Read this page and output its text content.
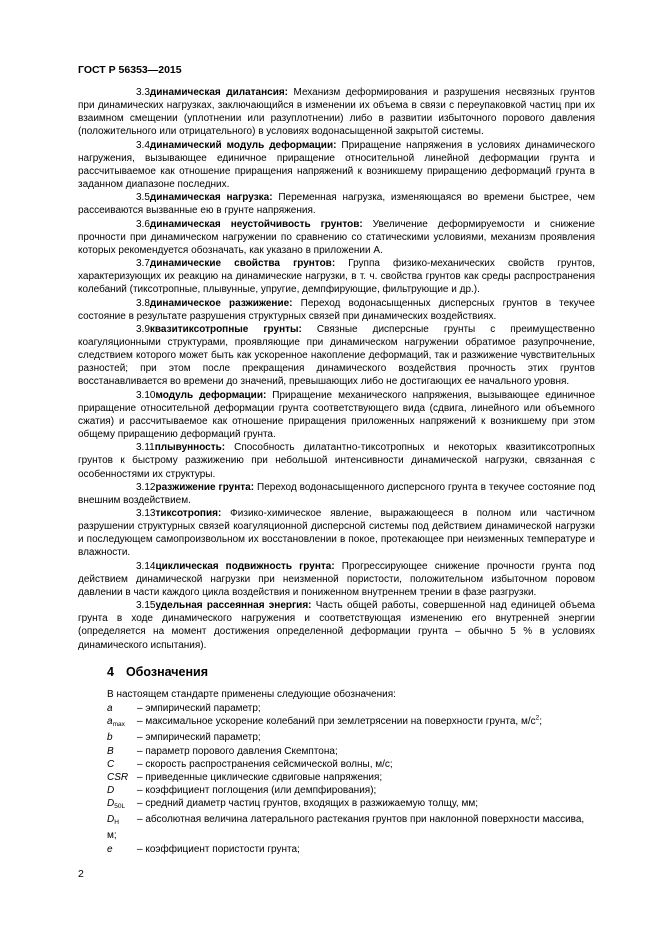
ГОСТ Р 56353—2015
3.3динамическая дилатансия: Механизм деформирования и разрушения несвязных грунтов при динамических нагрузках, заключающийся в изменении их объема в связи с переупаковкой частиц при их взаимном смещении (уплотнении или разуплотнении) либо в развитии избыточного порового давления (положительного или отрицательного) в условиях водонасыщенной закрытой системы.
3.4динамический модуль деформации: Приращение напряжения в условиях динамического нагружения, вызывающее единичное приращение относительной линейной деформации грунта и рассчитываемое как отношение приращения напряжений к возникшему приращению деформаций грунта в заданном диапазоне последних.
3.5динамическая нагрузка: Переменная нагрузка, изменяющаяся во времени быстрее, чем рассеиваются вызванные ею в грунте напряжения.
3.6динамическая неустойчивость грунтов: Увеличение деформируемости и снижение прочности при динамическом нагружении по сравнению со статическими условиями, механизм проявления которых рекомендуется обозначать, как указано в приложении А.
3.7динамические свойства грунтов: Группа физико-механических свойств грунтов, характеризующих их реакцию на динамические нагрузки, в т. ч. свойства грунтов как среды распространения колебаний (тиксотропные, плывунные, упругие, демпфирующие, фильтрующие и др.).
3.8динамическое разжижение: Переход водонасыщенных дисперсных грунтов в текучее состояние в результате разрушения структурных связей при динамических воздействиях.
3.9квазитиксотропные грунты: Связные дисперсные грунты с преимущественно коагуляционными структурами, проявляющие при динамическом нагружении обратимое разупрочнение, следствием которого может быть как ускоренное накопление деформаций, так и разжижение чувствительных разностей; при этом после прекращения динамического воздействия прочность этих грунтов восстанавливается во времени до значений, превышающих либо не достигающих ее начального уровня.
3.10модуль деформации: Приращение механического напряжения, вызывающее единичное приращение относительной деформации грунта соответствующего вида (сдвига, линейного или объемного сжатия) и рассчитываемое как отношение приращения приложенных напряжений к возникшему при этом общему приращению деформаций грунта.
3.11плывунность: Способность дилатантно-тиксотропных и некоторых квазитиксотропных грунтов к быстрому разжижению при небольшой интенсивности динамической нагрузки, связанная с особенностями их структуры.
3.12разжижение грунта: Переход водонасыщенного дисперсного грунта в текучее состояние под внешним воздействием.
3.13тиксотропия: Физико-химическое явление, выражающееся в полном или частичном разрушении структурных связей коагуляционной дисперсной системы под действием динамической нагрузки и последующем самопроизвольном их восстановлении в покое, протекающее при неизменных температуре и влажности.
3.14циклическая подвижность грунта: Прогрессирующее снижение прочности грунта под действием динамической нагрузки при неизменной пористости, положительном избыточном поровом давлении в части каждого цикла воздействия и пониженном внутреннем трении в фазе разгрузки.
3.15удельная рассеянная энергия: Часть общей работы, совершенной над единицей объема грунта в ходе динамического нагружения и соответствующая изменению его внутренней энергии (определяется на момент достижения определенной деформации грунта – обычно 5 % в условиях динамического испытания).
4 Обозначения
В настоящем стандарте применены следующие обозначения:
a	– эмпирический параметр;
$a_{max}$	– максимальное ускорение колебаний при землетрясении на поверхности грунта, $м/с^2$;
b	– эмпирический параметр;
B	– параметр порового давления Скемптона;
C	– скорость распространения сейсмической волны, м/с;
CSR – приведенные циклические сдвиговые напряжения;
D	– коэффициент поглощения (или демпфирования);
$D_{50L}$	– средний диаметр частиц грунтов, входящих в разжижаемую толщу, мм;
$D_H$ – абсолютная величина латерального растекания грунтов при наклонной поверхности массива, м;
e	– коэффициент пористости грунта;
2
